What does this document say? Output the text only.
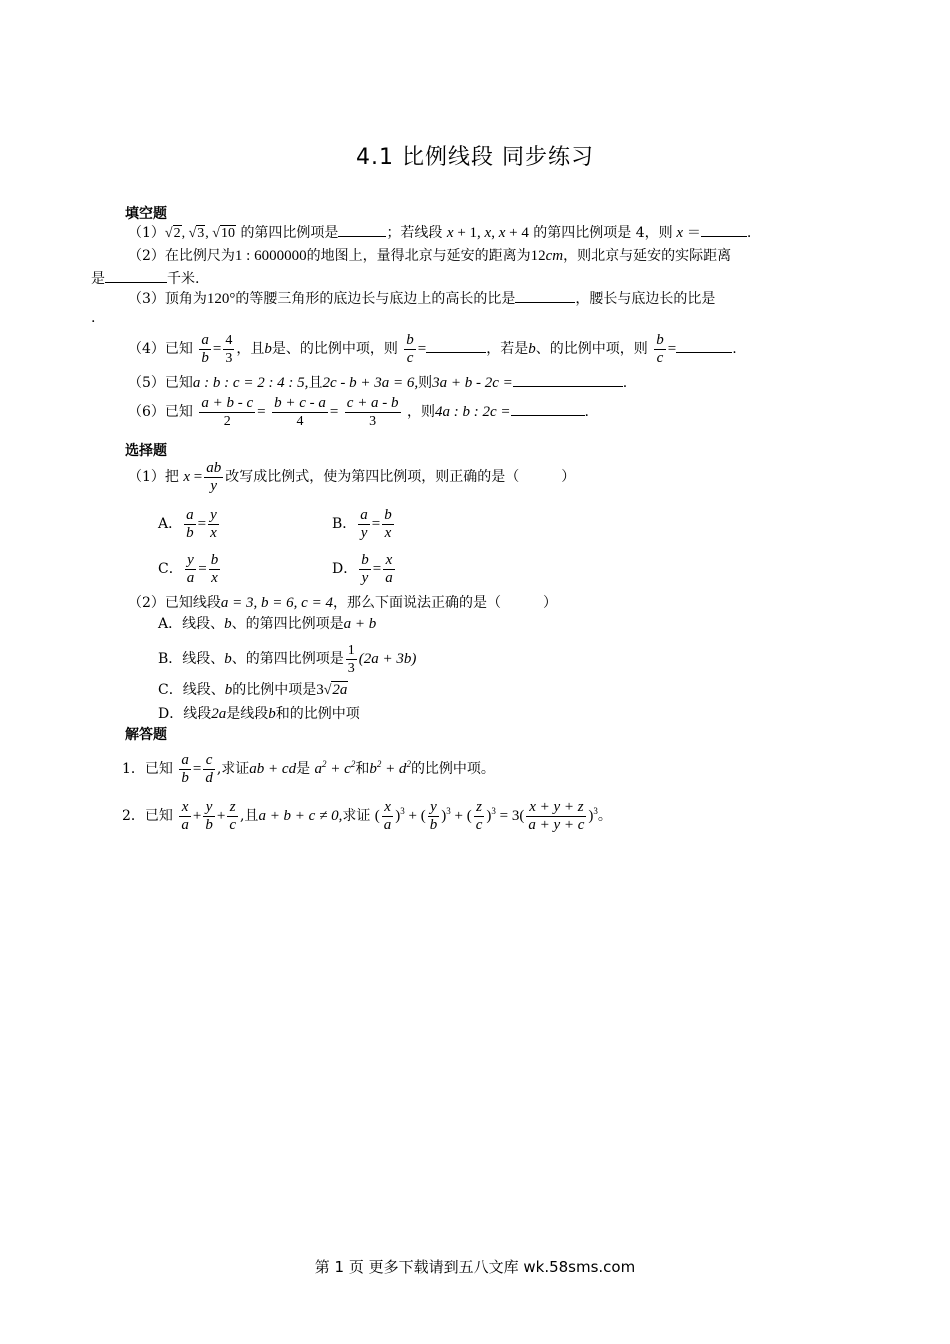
4.1 比例线段 同步练习
填空题
（1）√2, √3, √10 的第四比例项是	；若线段 x + 1, x, x + 4 的第四比例项是 4，则 x ＝	.
（2）在比例尺为1 : 6000000的地图上，量得北京与延安的距离为12cm，则北京与延安的实际距离
是	千米.
（3）顶角为120°的等腰三角形的底边长与底边上的高长的比是	，腰长与底边长的比是
.
（4）已知 $\frac{a}{b} = \frac{4}{3}$ ，且b是、的比例中项，则 $\frac{b}{c}$ =	，若是b、的比例中项，则 $\frac{b}{c}$ =	.
（5）已知a : b : c = 2 : 4 : 5,且2c - b + 3a = 6,则3a + b - 2c =	.
（6）已知 $\frac{a + b - c}{2} = \frac{b + c - a}{4} = \frac{c + a - b}{3}$ ，则4a : b : 2c =	.
选择题
（1）把 $x = \frac{ab}{y}$ 改写成比例式，使为第四比例项，则正确的是（　　　）
A． $\frac{a}{b} = \frac{y}{x}$	B． $\frac{a}{y} = \frac{b}{x}$
C． $\frac{y}{a} = \frac{b}{x}$	D． $\frac{b}{y} = \frac{x}{a}$
（2）已知线段a = 3, b = 6, c = 4，那么下面说法正确的是（　　　）
A．线段、b、的第四比例项是a + b
B．线段、b、的第四比例项是 $\frac{1}{3} (2a + 3b)$
C．线段、b的比例中项是3√2a
D．线段2a是线段b和的比例中项
解答题
1．已知 $\frac{a}{b} = \frac{c}{d}$ ,求证ab + cd是 $a^2 + c^2$和$b^2 + d^2$的比例中项。
2．已知 $\frac{x}{a} + \frac{y}{b} + \frac{z}{c}$ ,且a + b + c ≠ 0,求证 ( $\frac{x}{a} )^3$ + ( $\frac{y}{b} )^3$ + ( $\frac{z}{c} )^3 = 3( \frac{x + y + z}{a + y + c} )^3$。
第 1 页 更多下载请到五八文库 wk.58sms.com
